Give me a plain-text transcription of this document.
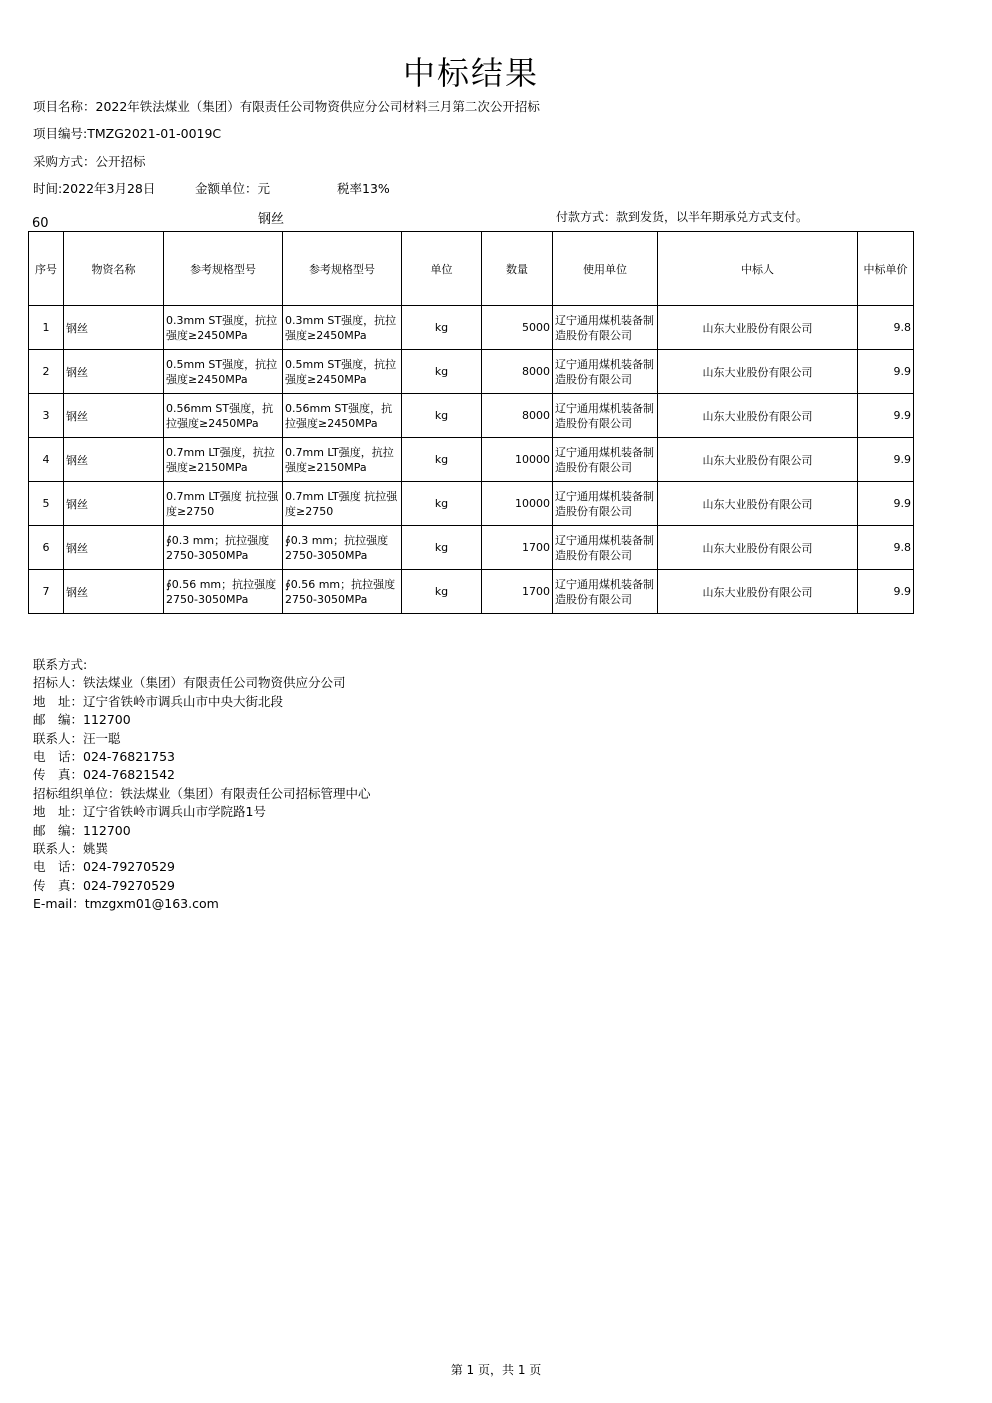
中标结果
项目名称：2022年铁法煤业（集团）有限责任公司物资供应分公司材料三月第二次公开招标
项目编号:TMZG2021-01-0019C
采购方式：公开招标
时间:2022年3月28日	金额单位：元	税率13%
60	钢丝	付款方式：款到发货，以半年期承兑方式支付。
序号	物资名称	参考规格型号	参考规格型号	单位	数量	使用单位	中标人	中标单价
1	钢丝	0.3mm ST强度，抗拉强度≥2450MPa	0.3mm ST强度，抗拉强度≥2450MPa	kg	5000	辽宁通用煤机装备制造股份有限公司	山东大业股份有限公司	9.8
2	钢丝	0.5mm ST强度，抗拉强度≥2450MPa	0.5mm ST强度，抗拉强度≥2450MPa	kg	8000	辽宁通用煤机装备制造股份有限公司	山东大业股份有限公司	9.9
3	钢丝	0.56mm ST强度，抗拉强度≥2450MPa	0.56mm ST强度，抗拉强度≥2450MPa	kg	8000	辽宁通用煤机装备制造股份有限公司	山东大业股份有限公司	9.9
4	钢丝	0.7mm LT强度，抗拉强度≥2150MPa	0.7mm LT强度，抗拉强度≥2150MPa	kg	10000	辽宁通用煤机装备制造股份有限公司	山东大业股份有限公司	9.9
5	钢丝	0.7mm LT强度 抗拉强度≥2750	0.7mm LT强度 抗拉强度≥2750	kg	10000	辽宁通用煤机装备制造股份有限公司	山东大业股份有限公司	9.9
6	钢丝	∮0.3 mm；抗拉强度2750-3050MPa	∮0.3 mm；抗拉强度2750-3050MPa	kg	1700	辽宁通用煤机装备制造股份有限公司	山东大业股份有限公司	9.8
7	钢丝	∮0.56 mm；抗拉强度2750-3050MPa	∮0.56 mm；抗拉强度2750-3050MPa	kg	1700	辽宁通用煤机装备制造股份有限公司	山东大业股份有限公司	9.9
联系方式:
招标人：铁法煤业（集团）有限责任公司物资供应分公司
地　址：辽宁省铁岭市调兵山市中央大街北段
邮　编：112700
联系人：汪一聪
电　话：024-76821753
传　真：024-76821542
招标组织单位：铁法煤业（集团）有限责任公司招标管理中心
地　址：辽宁省铁岭市调兵山市学院路1号
邮　编：112700
联系人：姚巽
电　话：024-79270529
传　真：024-79270529
E-mail：tmzgxm01@163.com
第 1 页，共 1 页
